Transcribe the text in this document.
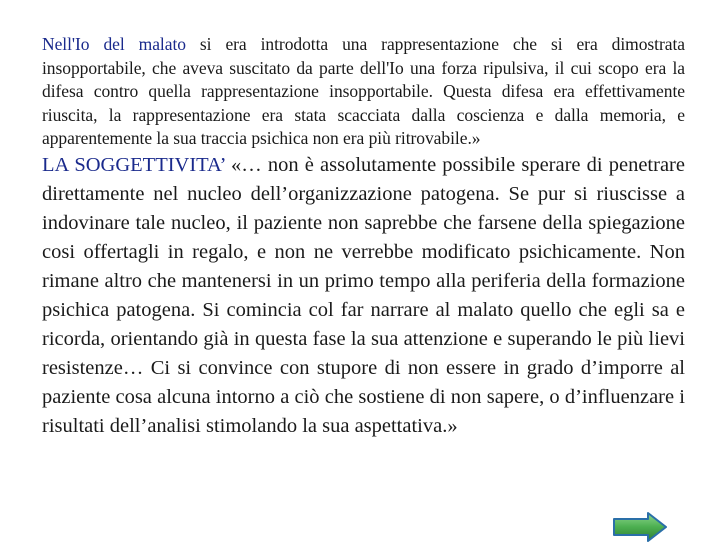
Nell'Io del malato si era introdotta una rappresentazione che si era dimostrata insopportabile, che aveva suscitato da parte dell'Io una forza ripulsiva, il cui scopo era la difesa contro quella rappresentazione insopportabile. Questa difesa era effettivamente riuscita, la rappresentazione era stata scacciata dalla coscienza e dalla memoria, e apparentemente la sua traccia psichica non era più ritrovabile.»

LA SOGGETTIVITA’ «… non è assolutamente possibile sperare di penetrare direttamente nel nucleo dell’organizzazione patogena. Se pur si riuscisse a indovinare tale nucleo, il paziente non saprebbe che farsene della spiegazione cosi offertagli in regalo, e non ne verrebbe modificato psichicamente. Non rimane altro che mantenersi in un primo tempo alla periferia della formazione psichica patogena. Si comincia col far narrare al malato quello che egli sa e ricorda, orientando già in questa fase la sua attenzione e superando le più lievi resistenze… Ci si convince con stupore di non essere in grado d’imporre al paziente cosa alcuna intorno a ciò che sostiene di non sapere, o d’influenzare i risultati dell’analisi stimolando la sua aspettativa.»
